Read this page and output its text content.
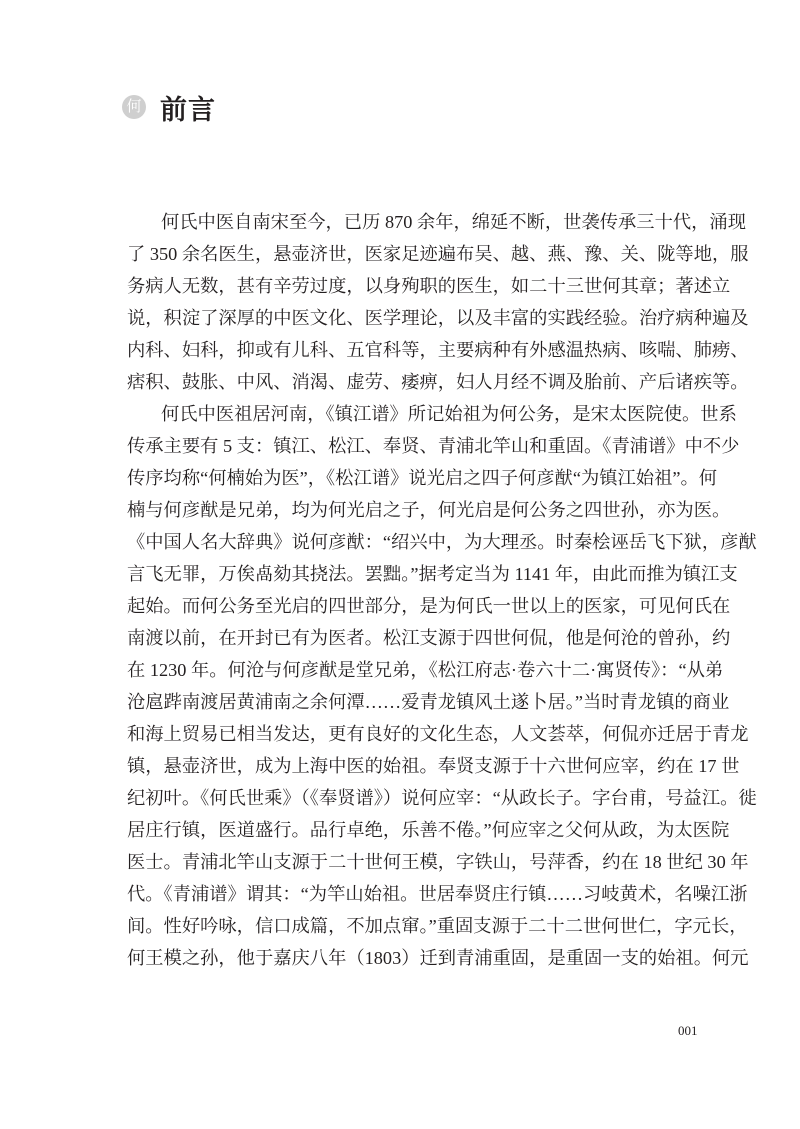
何 前言
何氏中医自南宋至今，已历 870 余年，绵延不断，世袭传承三十代，涌现
了 350 余名医生，悬壶济世，医家足迹遍布吴、越、燕、豫、关、陇等地，服
务病人无数，甚有辛劳过度，以身殉职的医生，如二十三世何其章；著述立
说，积淀了深厚的中医文化、医学理论，以及丰富的实践经验。治疗病种遍及
内科、妇科，抑或有儿科、五官科等，主要病种有外感温热病、咳喘、肺痨、
痞积、鼓胀、中风、消渴、虚劳、痿痹，妇人月经不调及胎前、产后诸疾等。
何氏中医祖居河南，《镇江谱》所记始祖为何公务，是宋太医院使。世系
传承主要有 5 支：镇江、松江、奉贤、青浦北竿山和重固。《青浦谱》中不少
传序均称“何楠始为医”，《松江谱》说光启之四子何彦猷“为镇江始祖”。何
楠与何彦猷是兄弟，均为何光启之子，何光启是何公务之四世孙，亦为医。
《中国人名大辞典》说何彦猷：“绍兴中，为大理丞。时秦桧诬岳飞下狱，彦猷
言飞无罪，万俟卨劾其挠法。罢黜。”据考定当为 1141 年，由此而推为镇江支
起始。而何公务至光启的四世部分，是为何氏一世以上的医家，可见何氏在
南渡以前，在开封已有为医者。松江支源于四世何侃，他是何沧的曾孙，约
在 1230 年。何沧与何彦猷是堂兄弟，《松江府志·卷六十二·寓贤传》：“从弟
沧扈跸南渡居黄浦南之余何潭……爱青龙镇风土遂卜居。”当时青龙镇的商业
和海上贸易已相当发达，更有良好的文化生态，人文荟萃，何侃亦迁居于青龙
镇，悬壶济世，成为上海中医的始祖。奉贤支源于十六世何应宰，约在 17 世
纪初叶。《何氏世乘》（《奉贤谱》）说何应宰：“从政长子。字台甫，号益江。徙
居庄行镇，医道盛行。品行卓绝，乐善不倦。”何应宰之父何从政，为太医院
医士。青浦北竿山支源于二十世何王模，字铁山，号萍香，约在 18 世纪 30 年
代。《青浦谱》谓其：“为竿山始祖。世居奉贤庄行镇……习岐黄术，名噪江浙
间。性好吟咏，信口成篇，不加点窜。”重固支源于二十二世何世仁，字元长，
何王模之孙，他于嘉庆八年（1803）迁到青浦重固，是重固一支的始祖。何元
001
